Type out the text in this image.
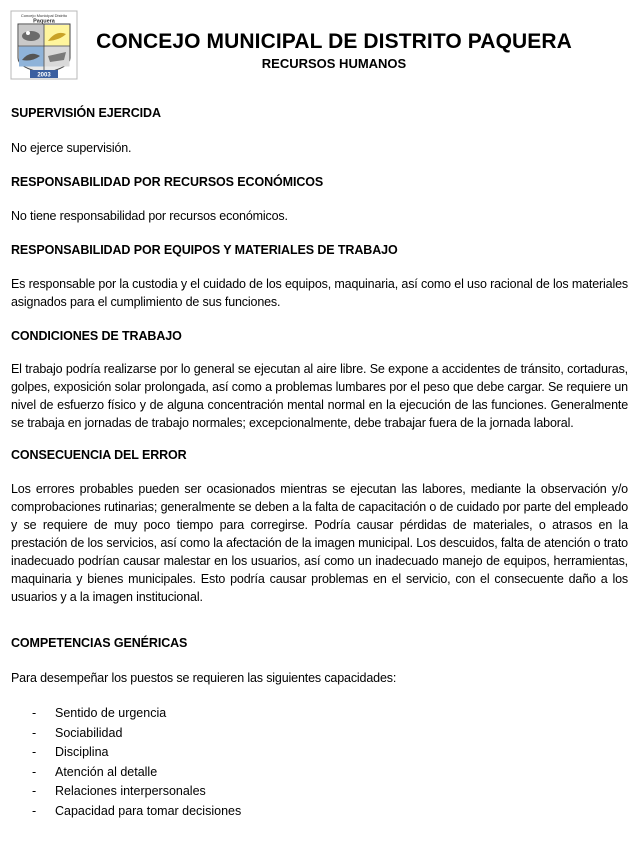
Concejo Municipal Distrito
Paquera
2003
CONCEJO MUNICIPAL DE DISTRITO PAQUERA
RECURSOS HUMANOS
SUPERVISIÓN EJERCIDA
No ejerce supervisión.
RESPONSABILIDAD POR RECURSOS ECONÓMICOS
No tiene responsabilidad por recursos económicos.
RESPONSABILIDAD POR EQUIPOS Y MATERIALES DE TRABAJO
Es responsable por la custodia y el cuidado de los equipos, maquinaria, así como el uso racional de los materiales asignados para el cumplimiento de sus funciones.
CONDICIONES DE TRABAJO
El trabajo podría realizarse por lo general se ejecutan al aire libre. Se expone a accidentes de tránsito, cortaduras, golpes, exposición solar prolongada, así como a problemas lumbares por el peso que debe cargar. Se requiere un nivel de esfuerzo físico y de alguna concentración mental normal en la ejecución de las funciones. Generalmente se trabaja en jornadas de trabajo normales; excepcionalmente, debe trabajar fuera de la jornada laboral.
CONSECUENCIA DEL ERROR
Los errores probables pueden ser ocasionados mientras se ejecutan las labores, mediante la observación y/o comprobaciones rutinarias; generalmente se deben a la falta de capacitación o de cuidado por parte del empleado y se requiere de muy poco tiempo para corregirse. Podría causar pérdidas de materiales, o atrasos en la prestación de los servicios, así como la afectación de la imagen municipal. Los descuidos, falta de atención o trato inadecuado podrían causar malestar en los usuarios, así como un inadecuado manejo de equipos, herramientas, maquinaria y bienes municipales. Esto podría causar problemas en el servicio, con el consecuente daño a los usuarios y a la imagen institucional.
COMPETENCIAS GENÉRICAS
Para desempeñar los puestos se requieren las siguientes capacidades:
- Sentido de urgencia
- Sociabilidad
- Disciplina
- Atención al detalle
- Relaciones interpersonales
- Capacidad para tomar decisiones
